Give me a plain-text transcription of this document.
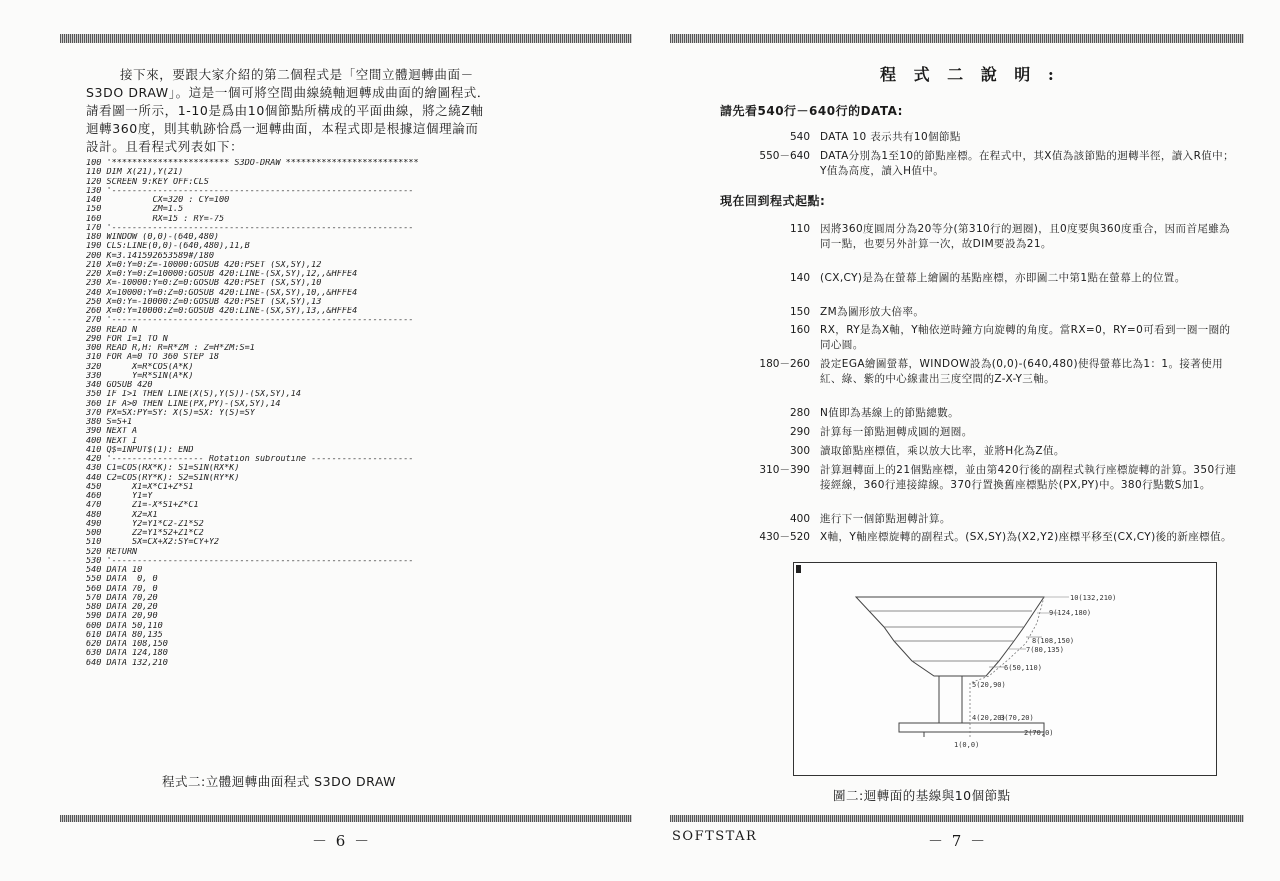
接下來，要跟大家介紹的第二個程式是「空間立體迴轉曲面－
S3DO DRAW」。這是一個可將空間曲線繞軸迴轉成曲面的繪圖程式．
請看圖一所示，1-10是爲由10個節點所構成的平面曲線，將之繞Z軸
迴轉360度，則其軌跡恰爲一迴轉曲面，本程式即是根據這個理論而
設計。且看程式列表如下：
100 '*********************** S3DO-DRAW **************************
110 DIM X(21),Y(21)
120 SCREEN 9:KEY OFF:CLS
130 '-----------------------------------------------------------
140          CX=320 : CY=100
150          ZM=1.5
160          RX=15 : RY=-75
170 '-----------------------------------------------------------
180 WINDOW (0,0)-(640,480)
190 CLS:LINE(0,0)-(640,480),11,B
200 K=3.141592653589#/180
210 X=0:Y=0:Z=-10000:GOSUB 420:PSET (SX,SY),12
220 X=0:Y=0:Z=10000:GOSUB 420:LINE-(SX,SY),12,,&HFFE4
230 X=-10000:Y=0:Z=0:GOSUB 420:PSET (SX,SY),10
240 X=10000:Y=0:Z=0:GOSUB 420:LINE-(SX,SY),10,,&HFFE4
250 X=0:Y=-10000:Z=0:GOSUB 420:PSET (SX,SY),13
260 X=0:Y=10000:Z=0:GOSUB 420:LINE-(SX,SY),13,,&HFFE4
270 '-----------------------------------------------------------
280 READ N
290 FOR I=1 TO N
300 READ R,H: R=R*ZM : Z=H*ZM:S=1
310 FOR A=0 TO 360 STEP 18
320      X=R*COS(A*K)
330      Y=R*SIN(A*K)
340 GOSUB 420
350 IF I>1 THEN LINE(X(S),Y(S))-(SX,SY),14
360 IF A>0 THEN LINE(PX,PY)-(SX,SY),14
370 PX=SX:PY=SY: X(S)=SX: Y(S)=SY
380 S=S+1
390 NEXT A
400 NEXT I
410 Q$=INPUT$(1): END
420 '------------------ Rotation subroutine --------------------
430 C1=COS(RX*K): S1=SIN(RX*K)
440 C2=COS(RY*K): S2=SIN(RY*K)
450      X1=X*C1+Z*S1
460      Y1=Y
470      Z1=-X*S1+Z*C1
480      X2=X1
490      Y2=Y1*C2-Z1*S2
500      Z2=Y1*S2+Z1*C2
510      SX=CX+X2:SY=CY+Y2
520 RETURN
530 '-----------------------------------------------------------
540 DATA 10
550 DATA  0, 0
560 DATA 70, 0
570 DATA 70,20
580 DATA 20,20
590 DATA 20,90
600 DATA 50,110
610 DATA 80,135
620 DATA 108,150
630 DATA 124,180
640 DATA 132,210
程式二:立體迴轉曲面程式 S3DO DRAW
－ 6 －
程 式 二 說 明 :
請先看540行－640行的DATA:
540 DATA 10 表示共有10個節點
550－640 DATA分別為1至10的節點座標。在程式中，其X值為該節點的迴轉半徑，讀入R值中；Y值為高度，讀入H值中。
現在回到程式起點:
110 因將360度圓周分為20等分(第310行的迴圈)，且0度要與360度重合，因而首尾雖為同一點，也要另外計算一次，故DIM要設為21。
140 (CX,CY)是為在螢幕上繪圖的基點座標，亦即圖二中第1點在螢幕上的位置。
150 ZM為圖形放大倍率。
160 RX，RY是為X軸，Y軸依逆時鐘方向旋轉的角度。當RX=0，RY=0可看到一圈一圈的同心圓。
180－260 設定EGA繪圖螢幕，WINDOW設為(0,0)-(640,480)使得螢幕比為1：1。接著使用紅、綠、紫的中心線畫出三度空間的Z-X-Y三軸。
280 N值即為基線上的節點總數。
290 計算每一節點迴轉成圓的迴圈。
300 讀取節點座標值，乘以放大比率，並將H化為Z值。
310－390 計算迴轉面上的21個點座標，並由第420行後的副程式執行座標旋轉的計算。350行連接經線，360行連接緯線。370行置換舊座標點於(PX,PY)中。380行點數S加1。
400 進行下一個節點迴轉計算。
430－520 X軸，Y軸座標旋轉的副程式。(SX,SY)為(X2,Y2)座標平移至(CX,CY)後的新座標值。
10(132,210)
9(124,180)
8(108,150)
7(80,135)
6(50,110)
5(20,90)
4(20,20)
3(70,20)
2(70,0)
1(0,0)
圖二:迴轉面的基線與10個節點
SOFTSTAR	－ 7 －
